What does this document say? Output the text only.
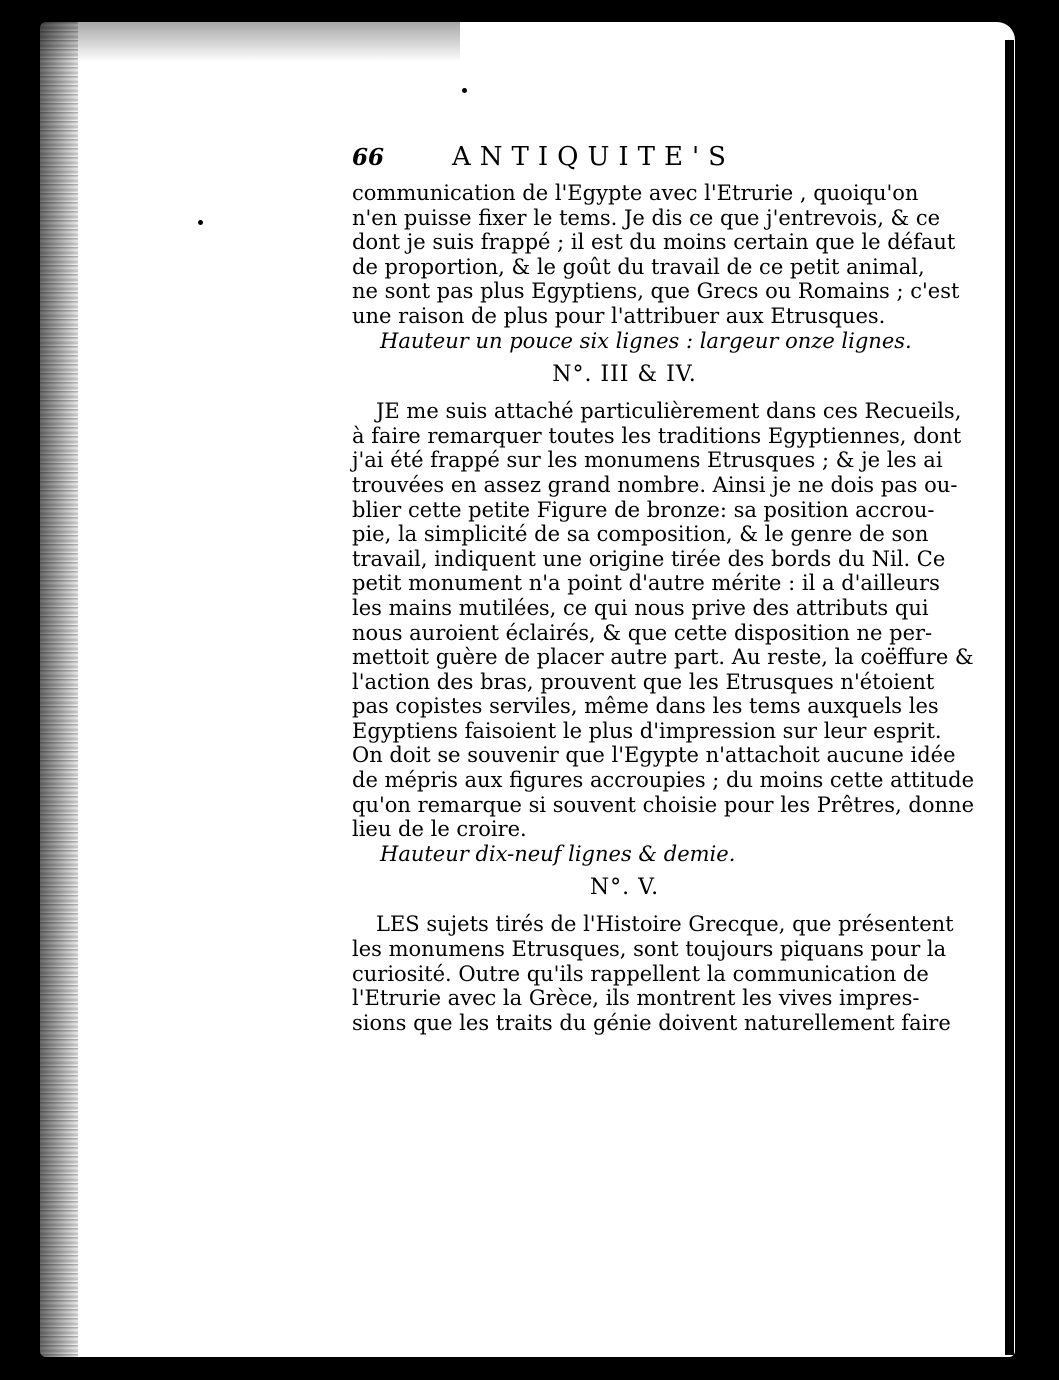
66	ANTIQUITE'S
communication de l'Egypte avec l'Etrurie , quoiqu'on
n'en puisse fixer le tems. Je dis ce que j'entrevois, & ce
dont je suis frappé ; il est du moins certain que le défaut
de proportion, & le goût du travail de ce petit animal,
ne sont pas plus Egyptiens, que Grecs ou Romains ; c'est
une raison de plus pour l'attribuer aux Etrusques.
Hauteur un pouce six lignes : largeur onze lignes.
N°. III & IV.
JE me suis attaché particulièrement dans ces Recueils,
à faire remarquer toutes les traditions Egyptiennes, dont
j'ai été frappé sur les monumens Etrusques ; & je les ai
trouvées en assez grand nombre. Ainsi je ne dois pas ou-
blier cette petite Figure de bronze: sa position accrou-
pie, la simplicité de sa composition, & le genre de son
travail, indiquent une origine tirée des bords du Nil. Ce
petit monument n'a point d'autre mérite : il a d'ailleurs
les mains mutilées, ce qui nous prive des attributs qui
nous auroient éclairés, & que cette disposition ne per-
mettoit guère de placer autre part. Au reste, la coëffure &
l'action des bras, prouvent que les Etrusques n'étoient
pas copistes serviles, même dans les tems auxquels les
Egyptiens faisoient le plus d'impression sur leur esprit.
On doit se souvenir que l'Egypte n'attachoit aucune idée
de mépris aux figures accroupies ; du moins cette attitude
qu'on remarque si souvent choisie pour les Prêtres, donne
lieu de le croire.
Hauteur dix-neuf lignes & demie.
N°. V.
LES sujets tirés de l'Histoire Grecque, que présentent
les monumens Etrusques, sont toujours piquans pour la
curiosité. Outre qu'ils rappellent la communication de
l'Etrurie avec la Grèce, ils montrent les vives impres-
sions que les traits du génie doivent naturellement faire
